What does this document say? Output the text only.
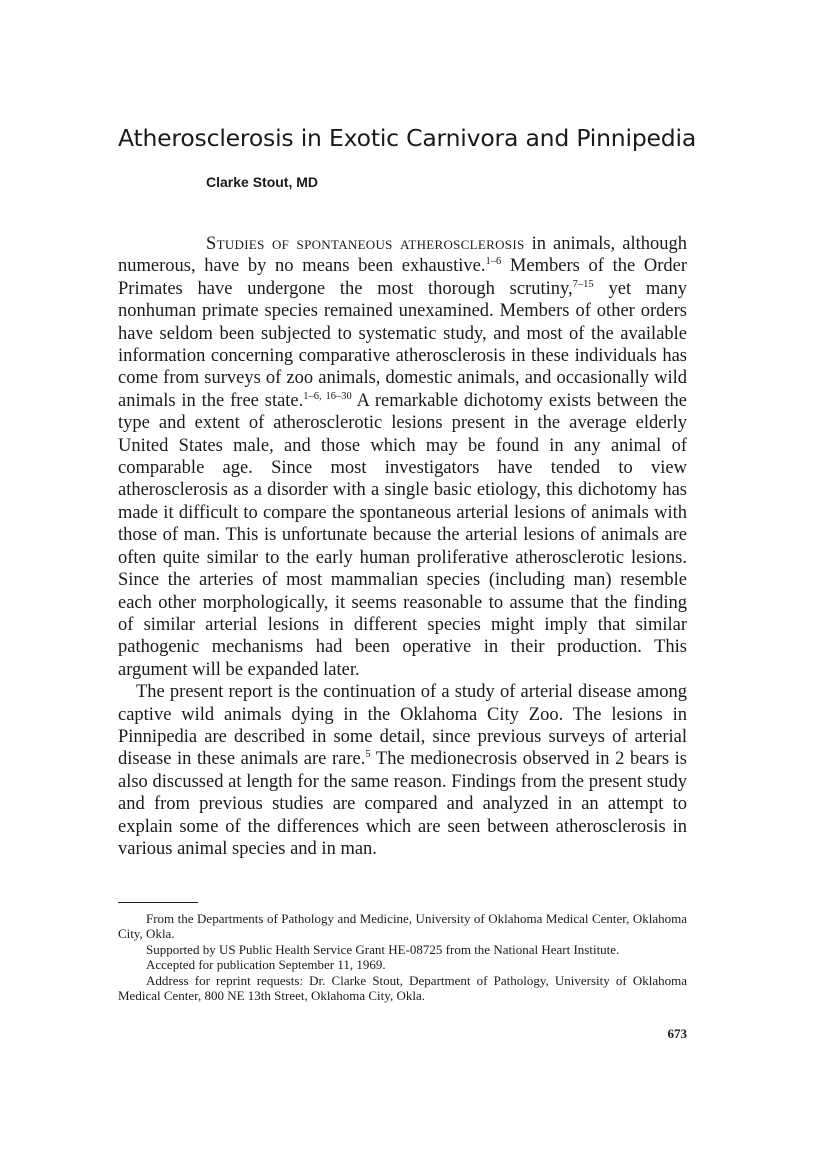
Atherosclerosis in Exotic Carnivora and Pinnipedia
Clarke Stout, MD

Studies of spontaneous atherosclerosis in animals, although numerous, have by no means been exhaustive.$^{1-6}$ Members of the Order Primates have undergone the most thorough scrutiny,$^{7-15}$ yet many nonhuman primate species remained unexamined. Members of other orders have seldom been subjected to systematic study, and most of the available information concerning comparative atherosclerosis in these individuals has come from surveys of zoo animals, domestic animals, and occasionally wild animals in the free state.$^{1-6, 16-30}$ A remarkable dichotomy exists between the type and extent of atherosclerotic lesions present in the average elderly United States male, and those which may be found in any animal of comparable age. Since most investigators have tended to view atherosclerosis as a disorder with a single basic etiology, this dichotomy has made it difficult to compare the spontaneous arterial lesions of animals with those of man. This is unfortunate because the arterial lesions of animals are often quite similar to the early human proliferative atherosclerotic lesions. Since the arteries of most mammalian species (including man) resemble each other morphologically, it seems reasonable to assume that the finding of similar arterial lesions in different species might imply that similar pathogenic mechanisms had been operative in their production. This argument will be expanded later.

The present report is the continuation of a study of arterial disease among captive wild animals dying in the Oklahoma City Zoo. The lesions in Pinnipedia are described in some detail, since previous surveys of arterial disease in these animals are rare.$^5$ The medionecrosis observed in 2 bears is also discussed at length for the same reason. Findings from the present study and from previous studies are compared and analyzed in an attempt to explain some of the differences which are seen between atherosclerosis in various animal species and in man.

From the Departments of Pathology and Medicine, University of Oklahoma Medical Center, Oklahoma City, Okla.

Supported by US Public Health Service Grant HE-08725 from the National Heart Institute.

Accepted for publication September 11, 1969.

Address for reprint requests: Dr. Clarke Stout, Department of Pathology, University of Oklahoma Medical Center, 800 NE 13th Street, Oklahoma City, Okla.

673
